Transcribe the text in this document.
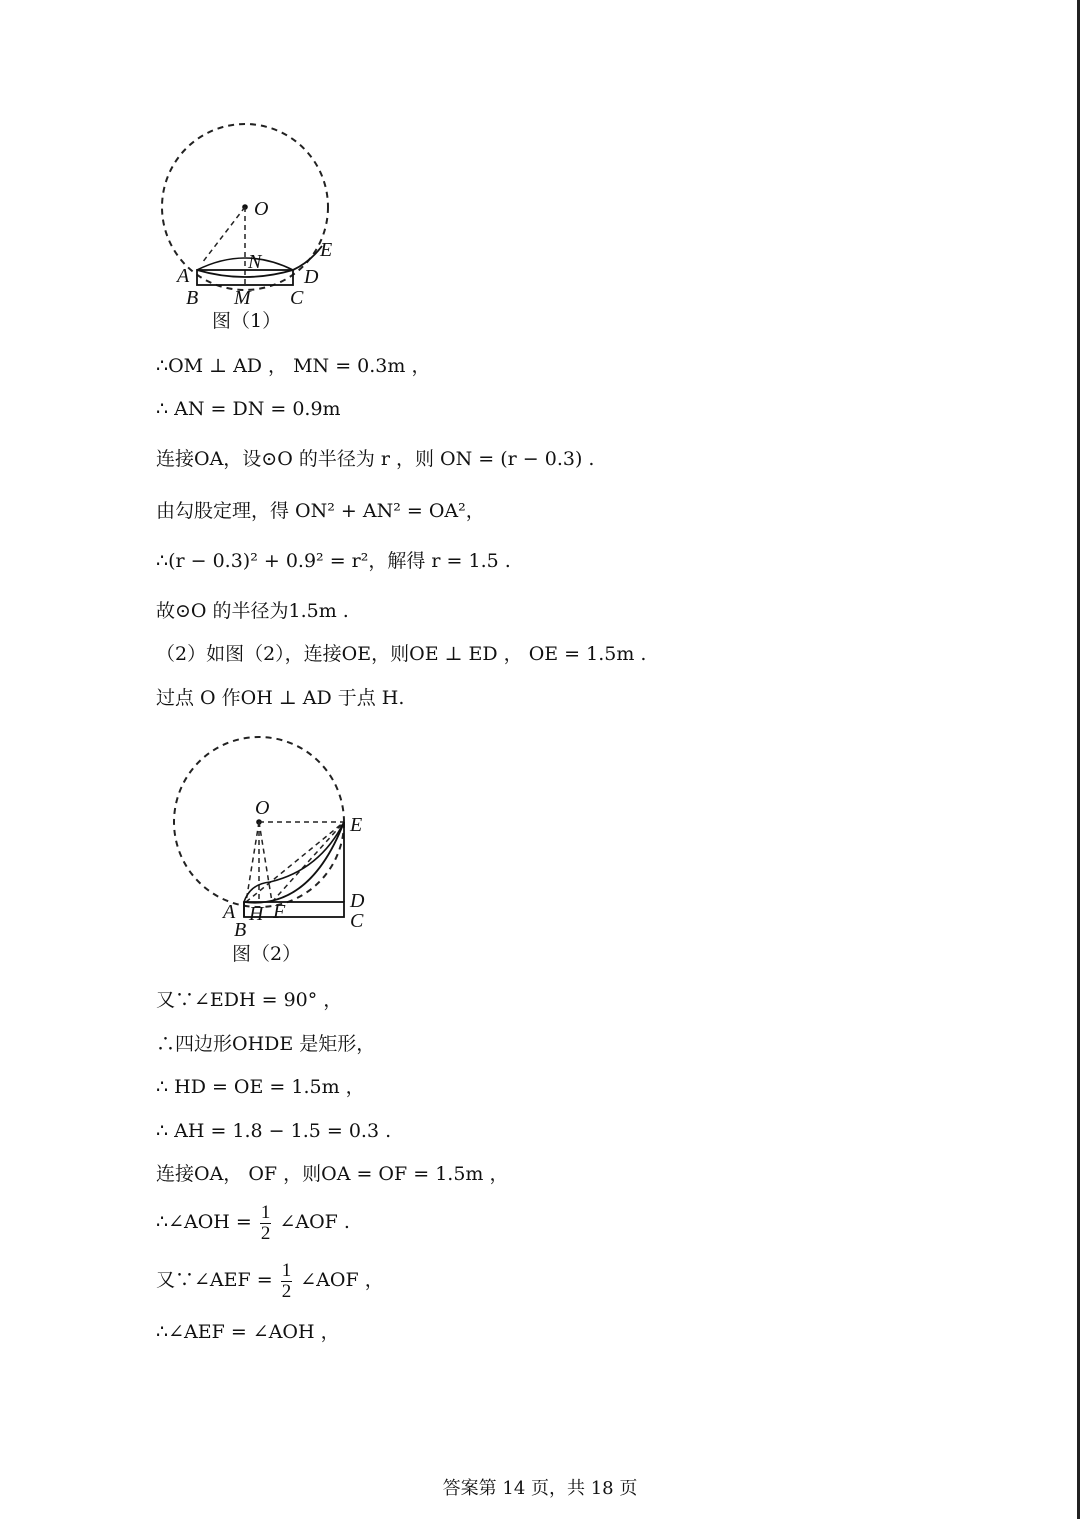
O
E
N
A	D
B M C
图（1）
∴OM ⊥ AD ， MN = 0.3m ，
∴ AN = DN = 0.9m
连接OA，设⊙O 的半径为 r ，则 ON = (r − 0.3) .
由勾股定理，得 ON² + AN² = OA²，
∴(r − 0.3)² + 0.9² = r²，解得 r = 1.5 .
故⊙O 的半径为1.5m .
（2）如图（2），连接OE，则OE ⊥ ED ， OE = 1.5m .
过点 O 作OH ⊥ AD 于点 H.
O
E
D
C
A H F
B
图（2）
又∵∠EDH = 90° ，
∴四边形OHDE 是矩形，
∴ HD = OE = 1.5m ，
∴ AH = 1.8 − 1.5 = 0.3 .
连接OA， OF ，则OA = OF = 1.5m ，
∴∠AOH = $\frac{1}{2}$ ∠AOF .
又∵∠AEF = $\frac{1}{2}$ ∠AOF ，
∴∠AEF = ∠AOH ，
答案第 14 页，共 18 页
